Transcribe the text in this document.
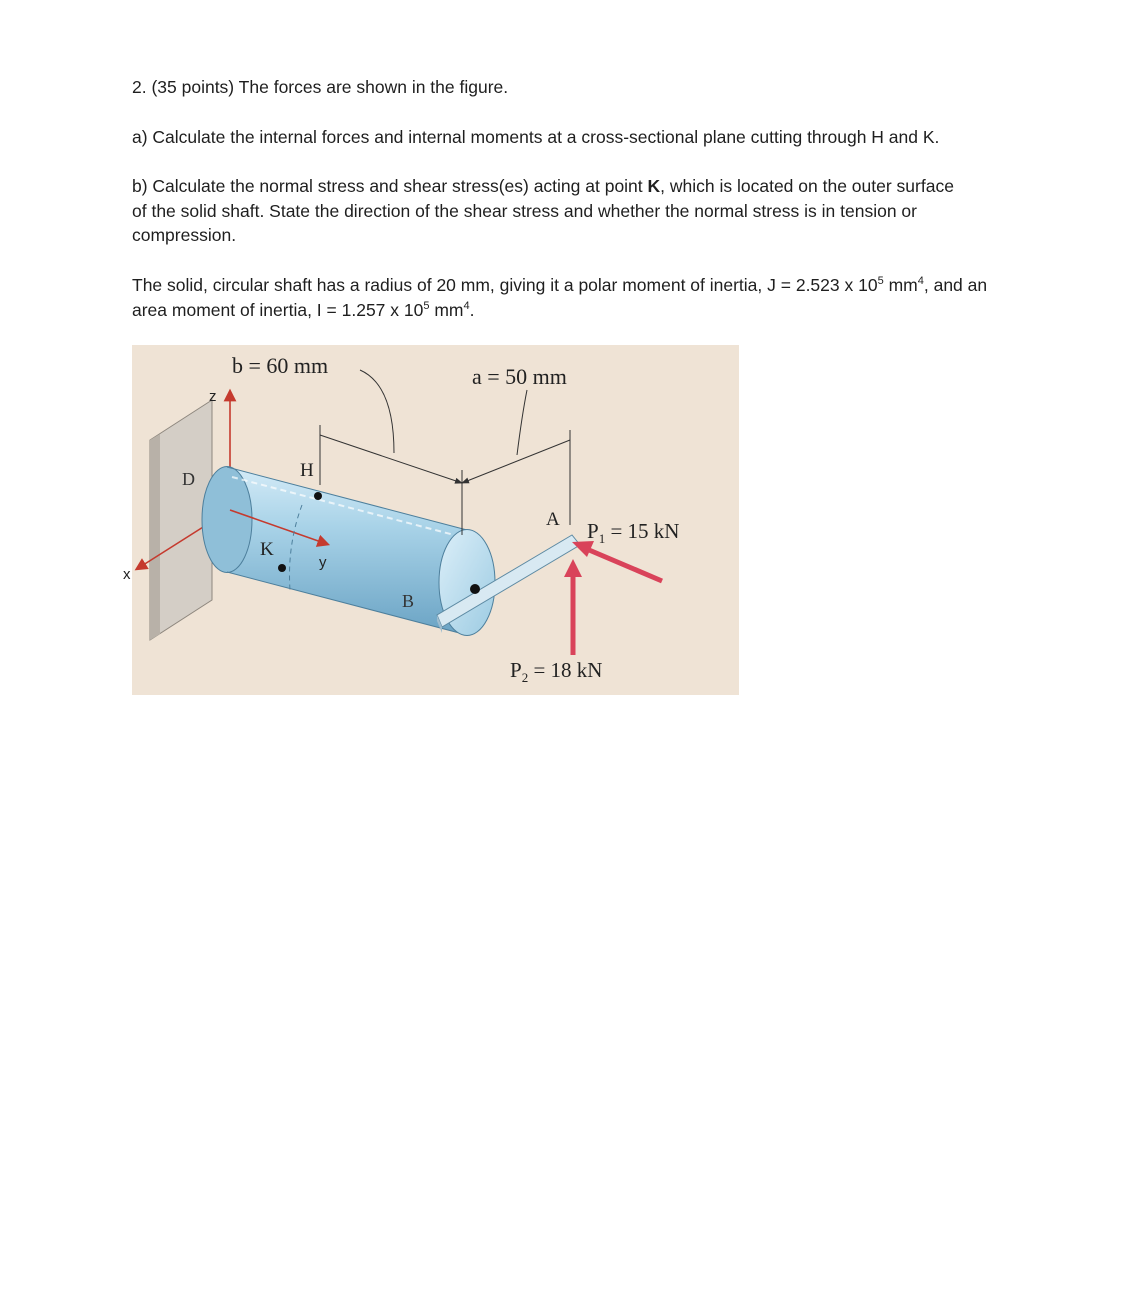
2. (35 points) The forces are shown in the figure.

a) Calculate the internal forces and internal moments at a cross-sectional plane cutting through H and K.

b) Calculate the normal stress and shear stress(es) acting at point K, which is located on the outer surface of the solid shaft. State the direction of the shear stress and whether the normal stress is in tension or compression.

The solid, circular shaft has a radius of 20 mm, giving it a polar moment of inertia, J = 2.523 x $10^5$ $mm^4$, and an area moment of inertia, I = 1.257 x $10^5$ $mm^4$.

D
z
y
H
K
B
A
b = 60 mm	a = 50 mm
$P_1 = 15$ kN
$P_2 = 18$ kN
x
